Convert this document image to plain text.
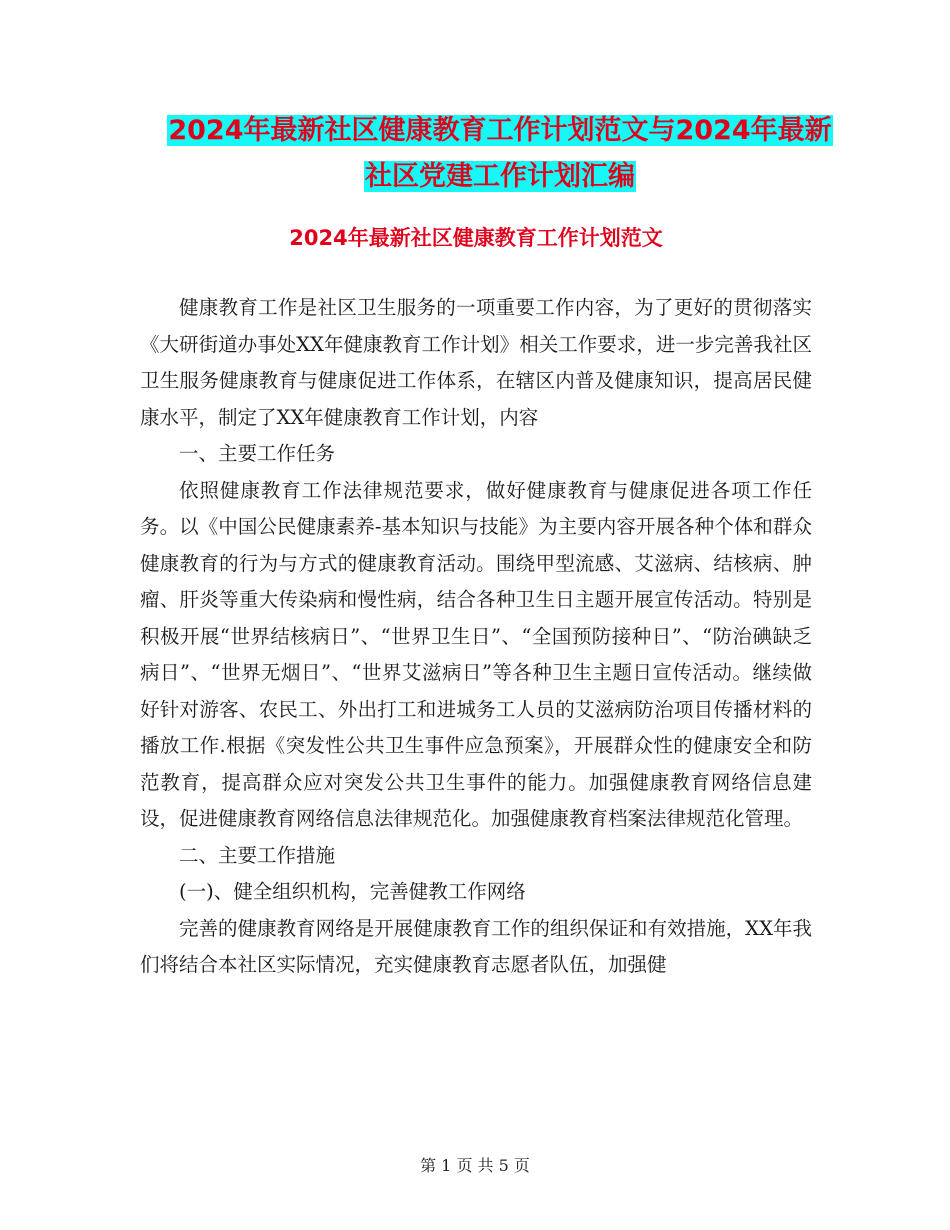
2024年最新社区健康教育工作计划范文与2024年最新
社区党建工作计划汇编
2024年最新社区健康教育工作计划范文

健康教育工作是社区卫生服务的一项重要工作内容，为了更好的贯彻落实《大研街道办事处XX年健康教育工作计划》相关工作要求，进一步完善我社区卫生服务健康教育与健康促进工作体系，在辖区内普及健康知识，提高居民健康水平，制定了XX年健康教育工作计划，内容

一、主要工作任务

依照健康教育工作法律规范要求，做好健康教育与健康促进各项工作任务。以《中国公民健康素养-基本知识与技能》为主要内容开展各种个体和群众健康教育的行为与方式的健康教育活动。围绕甲型流感、艾滋病、结核病、肿瘤、肝炎等重大传染病和慢性病，结合各种卫生日主题开展宣传活动。特别是积极开展“世界结核病日”、“世界卫生日”、“全国预防接种日”、“防治碘缺乏病日”、“世界无烟日”、“世界艾滋病日”等各种卫生主题日宣传活动。继续做好针对游客、农民工、外出打工和进城务工人员的艾滋病防治项目传播材料的播放工作.根据《突发性公共卫生事件应急预案》，开展群众性的健康安全和防范教育，提高群众应对突发公共卫生事件的能力。加强健康教育网络信息建设，促进健康教育网络信息法律规范化。加强健康教育档案法律规范化管理。

二、主要工作措施

(一)、健全组织机构，完善健教工作网络

完善的健康教育网络是开展健康教育工作的组织保证和有效措施，XX年我们将结合本社区实际情况，充实健康教育志愿者队伍，加强健

第 1 页 共 5 页
